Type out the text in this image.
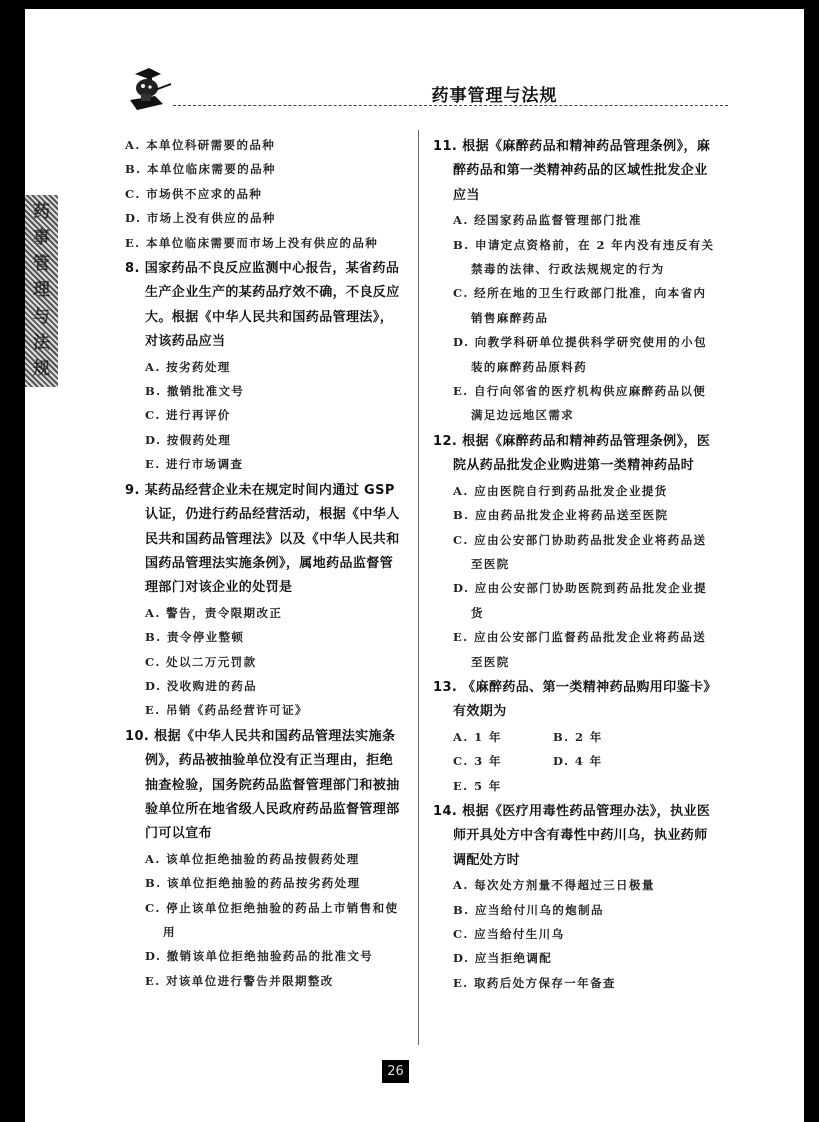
药事管理与法规
药
事
管
理
与
法
规
A. 本单位科研需要的品种
B. 本单位临床需要的品种
C. 市场供不应求的品种
D. 市场上没有供应的品种
E. 本单位临床需要而市场上没有供应的品种
8. 国家药品不良反应监测中心报告，某省药品生产企业生产的某药品疗效不确，不良反应大。根据《中华人民共和国药品管理法》，对该药品应当
A. 按劣药处理
B. 撤销批准文号
C. 进行再评价
D. 按假药处理
E. 进行市场调查
9. 某药品经营企业未在规定时间内通过 GSP 认证，仍进行药品经营活动，根据《中华人民共和国药品管理法》以及《中华人民共和国药品管理法实施条例》，属地药品监督管理部门对该企业的处罚是
A. 警告，责令限期改正
B. 责令停业整顿
C. 处以二万元罚款
D. 没收购进的药品
E. 吊销《药品经营许可证》
10. 根据《中华人民共和国药品管理法实施条例》，药品被抽验单位没有正当理由，拒绝抽查检验，国务院药品监督管理部门和被抽验单位所在地省级人民政府药品监督管理部门可以宣布
A. 该单位拒绝抽验的药品按假药处理
B. 该单位拒绝抽验的药品按劣药处理
C. 停止该单位拒绝抽验的药品上市销售和使用
D. 撤销该单位拒绝抽验药品的批准文号
E. 对该单位进行警告并限期整改
11. 根据《麻醉药品和精神药品管理条例》，麻醉药品和第一类精神药品的区域性批发企业应当
A. 经国家药品监督管理部门批准
B. 申请定点资格前，在 2 年内没有违反有关禁毒的法律、行政法规规定的行为
C. 经所在地的卫生行政部门批准，向本省内销售麻醉药品
D. 向教学科研单位提供科学研究使用的小包装的麻醉药品原料药
E. 自行向邻省的医疗机构供应麻醉药品以便满足边远地区需求
12. 根据《麻醉药品和精神药品管理条例》，医院从药品批发企业购进第一类精神药品时
A. 应由医院自行到药品批发企业提货
B. 应由药品批发企业将药品送至医院
C. 应由公安部门协助药品批发企业将药品送至医院
D. 应由公安部门协助医院到药品批发企业提货
E. 应由公安部门监督药品批发企业将药品送至医院
13. 《麻醉药品、第一类精神药品购用印鉴卡》有效期为
A. 1 年	B. 2 年
C. 3 年	D. 4 年
E. 5 年
14. 根据《医疗用毒性药品管理办法》，执业医师开具处方中含有毒性中药川乌，执业药师调配处方时
A. 每次处方剂量不得超过三日极量
B. 应当给付川乌的炮制品
C. 应当给付生川乌
D. 应当拒绝调配
E. 取药后处方保存一年备查
26
